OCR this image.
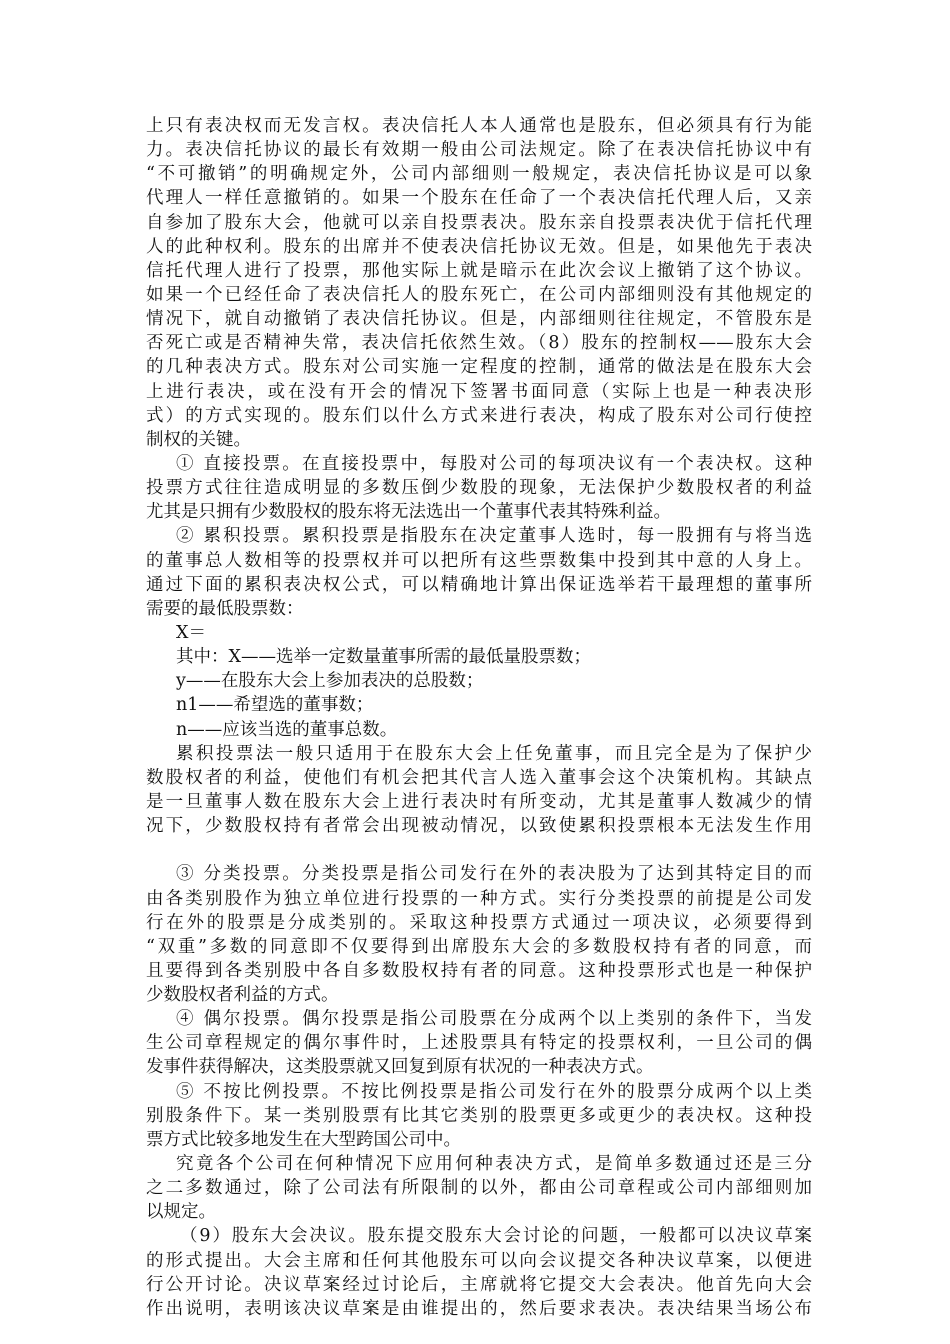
上只有表决权而无发言权。表决信托人本人通常也是股东，但必须具有行为能
力。表决信托协议的最长有效期一般由公司法规定。除了在表决信托协议中有
“不可撤销”的明确规定外，公司内部细则一般规定，表决信托协议是可以象
代理人一样任意撤销的。如果一个股东在任命了一个表决信托代理人后，又亲
自参加了股东大会，他就可以亲自投票表决。股东亲自投票表决优于信托代理
人的此种权利。股东的出席并不使表决信托协议无效。但是，如果他先于表决
信托代理人进行了投票，那他实际上就是暗示在此次会议上撤销了这个协议。
如果一个已经任命了表决信托人的股东死亡，在公司内部细则没有其他规定的
情况下，就自动撤销了表决信托协议。但是，内部细则往往规定，不管股东是
否死亡或是否精神失常，表决信托依然生效。（8）股东的控制权——股东大会
的几种表决方式。股东对公司实施一定程度的控制，通常的做法是在股东大会
上进行表决，或在没有开会的情况下签署书面同意（实际上也是一种表决形
式）的方式实现的。股东们以什么方式来进行表决，构成了股东对公司行使控
制权的关键。
① 直接投票。在直接投票中，每股对公司的每项决议有一个表决权。这种
投票方式往往造成明显的多数压倒少数股的现象，无法保护少数股权者的利益
尤其是只拥有少数股权的股东将无法选出一个董事代表其特殊利益。
② 累积投票。累积投票是指股东在决定董事人选时，每一股拥有与将当选
的董事总人数相等的投票权并可以把所有这些票数集中投到其中意的人身上。
通过下面的累积表决权公式，可以精确地计算出保证选举若干最理想的董事所
需要的最低股票数：
X＝
其中：X——选举一定数量董事所需的最低量股票数；
y——在股东大会上参加表决的总股数；
n1——希望选的董事数；
n——应该当选的董事总数。
累积投票法一般只适用于在股东大会上任免董事，而且完全是为了保护少
数股权者的利益，使他们有机会把其代言人选入董事会这个决策机构。其缺点
是一旦董事人数在股东大会上进行表决时有所变动，尤其是董事人数减少的情
况下，少数股权持有者常会出现被动情况，以致使累积投票根本无法发生作用
③ 分类投票。分类投票是指公司发行在外的表决股为了达到其特定目的而
由各类别股作为独立单位进行投票的一种方式。实行分类投票的前提是公司发
行在外的股票是分成类别的。采取这种投票方式通过一项决议，必须要得到
“双重”多数的同意即不仅要得到出席股东大会的多数股权持有者的同意，而
且要得到各类别股中各自多数股权持有者的同意。这种投票形式也是一种保护
少数股权者利益的方式。
④ 偶尔投票。偶尔投票是指公司股票在分成两个以上类别的条件下，当发
生公司章程规定的偶尔事件时，上述股票具有特定的投票权利，一旦公司的偶
发事件获得解决，这类股票就又回复到原有状况的一种表决方式。
⑤ 不按比例投票。不按比例投票是指公司发行在外的股票分成两个以上类
别股条件下。某一类别股票有比其它类别的股票更多或更少的表决权。这种投
票方式比较多地发生在大型跨国公司中。
究竟各个公司在何种情况下应用何种表决方式，是简单多数通过还是三分
之二多数通过，除了公司法有所限制的以外，都由公司章程或公司内部细则加
以规定。
（9）股东大会决议。股东提交股东大会讨论的问题，一般都可以决议草案
的形式提出。大会主席和任何其他股东可以向会议提交各种决议草案，以便进
行公开讨论。决议草案经过讨论后，主席就将它提交大会表决。他首先向大会
作出说明，表明该决议草案是由谁提出的，然后要求表决。表决结果当场公布
